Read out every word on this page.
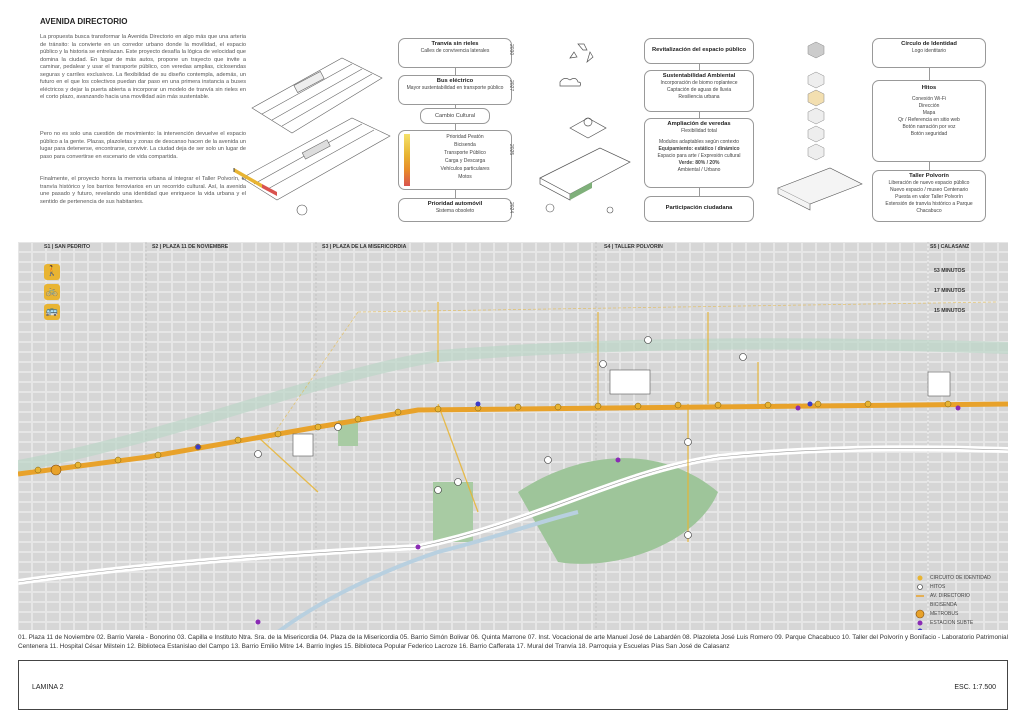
AVENIDA DIRECTORIO
La propuesta busca transformar la Avenida Directorio en algo más que una arteria de tránsito: la convierte en un corredor urbano donde la movilidad, el espacio público y la historia se entrelazan. Este proyecto desafía la lógica de velocidad que domina la ciudad. En lugar de más autos, propone un trayecto que invite a caminar, pedalear y usar el transporte público, con veredas amplias, ciclosendas seguras y carriles exclusivos. La flexibilidad de su diseño contempla, además, un futuro en el que los colectivos puedan dar paso en una primera instancia a buses eléctricos y dejar la puerta abierta a incorporar un modelo de tranvía sin rieles en el corto plazo, avanzando hacia una movilidad aún más sustentable.
Pero no es solo una cuestión de movimiento: la intervención devuelve el espacio público a la gente. Plazas, plazoletas y zonas de descanso hacen de la avenida un lugar para detenerse, encontrarse, convivir. La ciudad deja de ser solo un lugar de paso para convertirse en escenario de vida compartida.
Finalmente, el proyecto honra la memoria urbana al integrar el Taller Polvorín, el tranvía histórico y los barrios ferroviarios en un recorrido cultural. Así, la avenida une pasado y futuro, revelando una identidad que enriquece la vida urbana y el sentido de pertenencia de sus habitantes.
Tranvía sin rieles
Calles de convivencia laterales	2030
Bus eléctrico
Mayor sustentabilidad en transporte público 2027
Cambio Cultural
Prioridad Peatón
Bicisenda
Transporte Público
Carga y Descarga
Vehículos particulares
Motos
2025
Prioridad automóvil
Sistema obsoleto	2024
Revitalización del espacio público
Sustentabilidad Ambiental
Incorporación de biomo roplantece
Captación de aguas de lluvia
Resiliencia urbana
Ampliación de veredas
Flexibilidad total
Modulos adaptables según contexto
Equipamiento: estático / dinámico
Espacio para arte / Expresión cultural
Verde: 80% / 20%
Ambiental / Urbano
Participación ciudadana
Círculo de Identidad
Logo identitario
Hitos
Conexión Wi-Fi
Dirección
Mapa
Qr / Referencia en sitio web
Botón narración por voz
Botón seguridad
Taller Polvorín
Liberación de nuevo espacio público
Nuevo espacio / museo Centenario
Puesta en valor Taller Polvorín
Extensión de tranvía histórico a Parque Chacabuco
S1 | SAN PEDRITO	S2 | PLAZA 11 DE NOVIEMBRE	S3 | PLAZA DE LA MISERICORDIA	S4 | TALLER POLVORIN	S5 | CALASANZ
53 MINUTOS
17 MINUTOS
15 MINUTOS
🚶
🚲
🚌
CIRCUITO DE IDENTIDAD
HITOS
AV. DIRECTORIO
BICISENDA
METROBUS
ESTACION SUBTE
01. Plaza 11 de Noviembre 02. Barrio Varela - Bonorino 03. Capilla e Instituto Ntra. Sra. de la Misericordia 04. Plaza de la Misericordia 05. Barrio Simón Bolivar 06. Quinta Marrone 07. Inst. Vocacional de arte Manuel José de Labardén 08. Plazoleta José Luis Romero 09. Parque Chacabuco 10. Taller del Polvorín y Bonifacio - Laboratorio Patrimonial Centenera 11. Hospital César Milstein 12. Biblioteca Estanislao del Campo 13. Barrio Emilio Mitre 14. Barrio Ingles 15. Biblioteca Popular Federico Lacroze 16. Barrio Cafferata 17. Mural del Tranvía 18. Parroquia y Escuelas Pías San José de Calasanz
LAMINA 2	ESC. 1:7.500
